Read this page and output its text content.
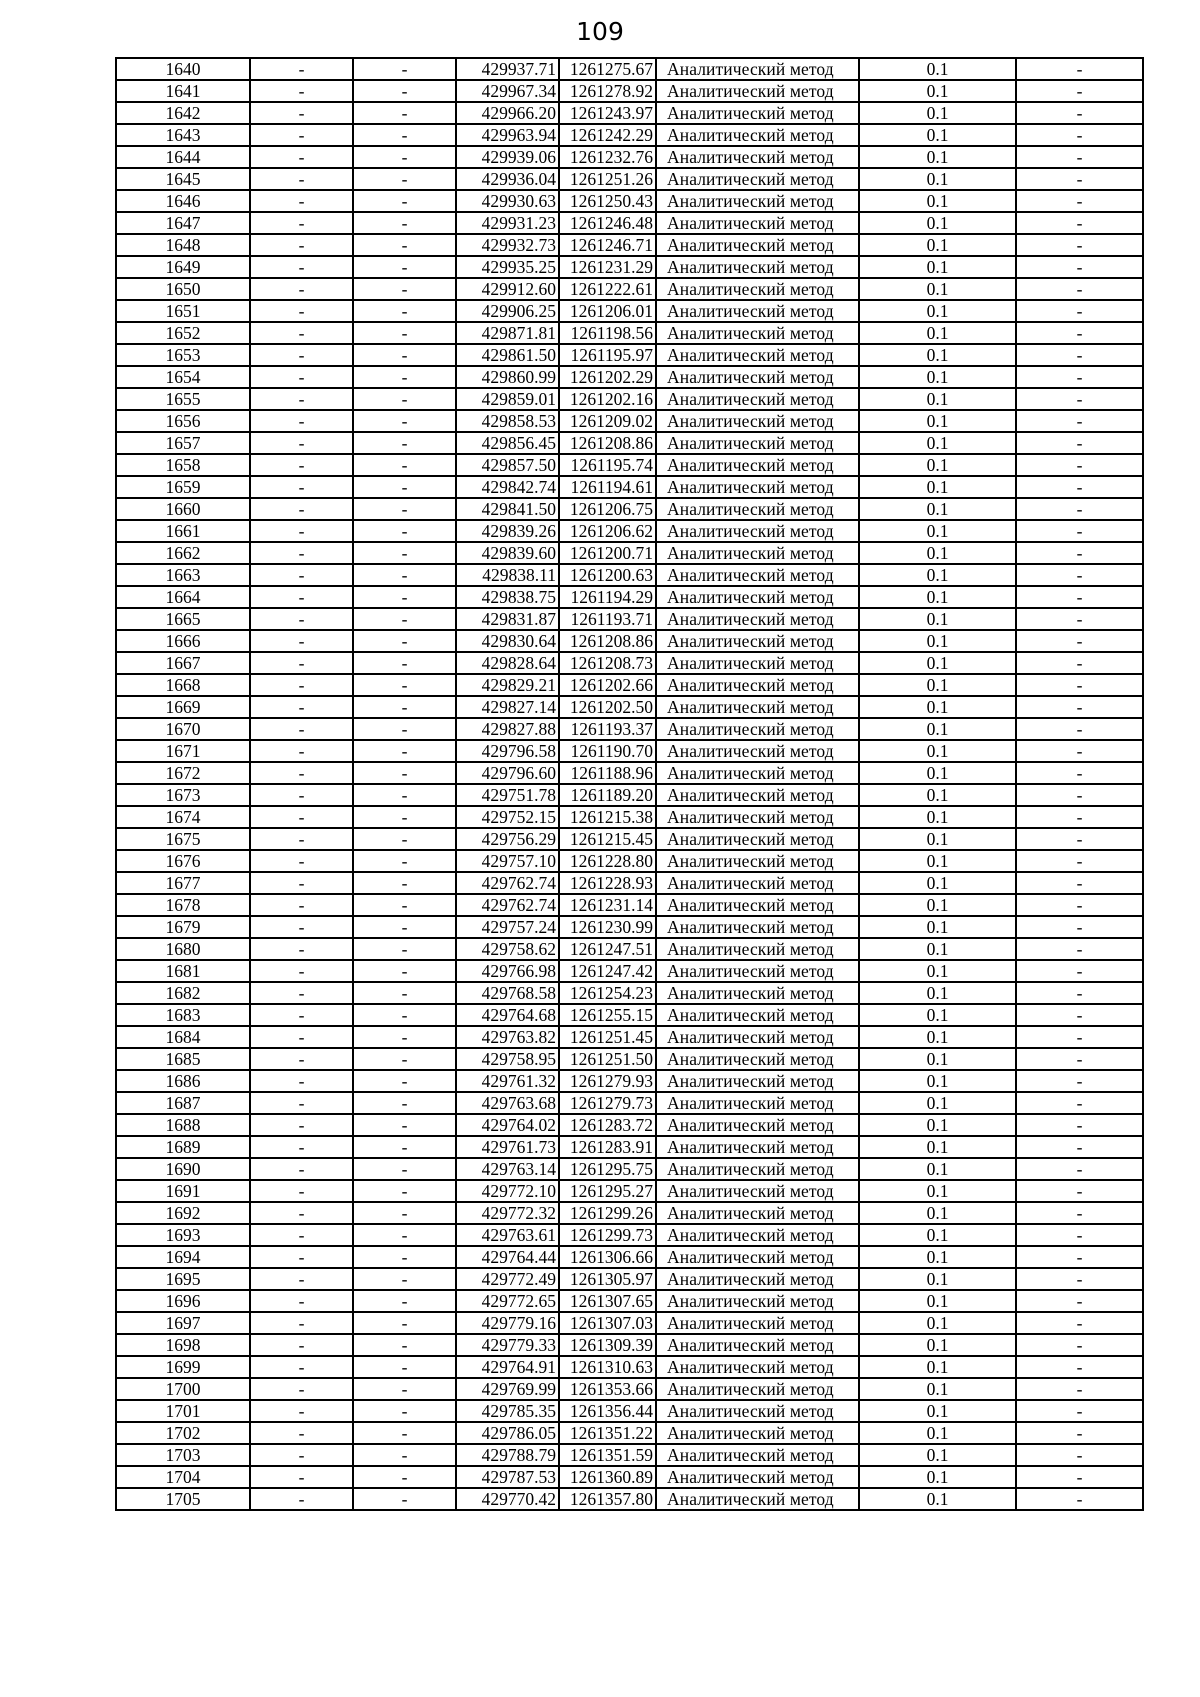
109
1640	-	-	429937.71	1261275.67	Аналитический метод	0.1	-
1641	-	-	429967.34	1261278.92	Аналитический метод	0.1	-
1642	-	-	429966.20	1261243.97	Аналитический метод	0.1	-
1643	-	-	429963.94	1261242.29	Аналитический метод	0.1	-
1644	-	-	429939.06	1261232.76	Аналитический метод	0.1	-
1645	-	-	429936.04	1261251.26	Аналитический метод	0.1	-
1646	-	-	429930.63	1261250.43	Аналитический метод	0.1	-
1647	-	-	429931.23	1261246.48	Аналитический метод	0.1	-
1648	-	-	429932.73	1261246.71	Аналитический метод	0.1	-
1649	-	-	429935.25	1261231.29	Аналитический метод	0.1	-
1650	-	-	429912.60	1261222.61	Аналитический метод	0.1	-
1651	-	-	429906.25	1261206.01	Аналитический метод	0.1	-
1652	-	-	429871.81	1261198.56	Аналитический метод	0.1	-
1653	-	-	429861.50	1261195.97	Аналитический метод	0.1	-
1654	-	-	429860.99	1261202.29	Аналитический метод	0.1	-
1655	-	-	429859.01	1261202.16	Аналитический метод	0.1	-
1656	-	-	429858.53	1261209.02	Аналитический метод	0.1	-
1657	-	-	429856.45	1261208.86	Аналитический метод	0.1	-
1658	-	-	429857.50	1261195.74	Аналитический метод	0.1	-
1659	-	-	429842.74	1261194.61	Аналитический метод	0.1	-
1660	-	-	429841.50	1261206.75	Аналитический метод	0.1	-
1661	-	-	429839.26	1261206.62	Аналитический метод	0.1	-
1662	-	-	429839.60	1261200.71	Аналитический метод	0.1	-
1663	-	-	429838.11	1261200.63	Аналитический метод	0.1	-
1664	-	-	429838.75	1261194.29	Аналитический метод	0.1	-
1665	-	-	429831.87	1261193.71	Аналитический метод	0.1	-
1666	-	-	429830.64	1261208.86	Аналитический метод	0.1	-
1667	-	-	429828.64	1261208.73	Аналитический метод	0.1	-
1668	-	-	429829.21	1261202.66	Аналитический метод	0.1	-
1669	-	-	429827.14	1261202.50	Аналитический метод	0.1	-
1670	-	-	429827.88	1261193.37	Аналитический метод	0.1	-
1671	-	-	429796.58	1261190.70	Аналитический метод	0.1	-
1672	-	-	429796.60	1261188.96	Аналитический метод	0.1	-
1673	-	-	429751.78	1261189.20	Аналитический метод	0.1	-
1674	-	-	429752.15	1261215.38	Аналитический метод	0.1	-
1675	-	-	429756.29	1261215.45	Аналитический метод	0.1	-
1676	-	-	429757.10	1261228.80	Аналитический метод	0.1	-
1677	-	-	429762.74	1261228.93	Аналитический метод	0.1	-
1678	-	-	429762.74	1261231.14	Аналитический метод	0.1	-
1679	-	-	429757.24	1261230.99	Аналитический метод	0.1	-
1680	-	-	429758.62	1261247.51	Аналитический метод	0.1	-
1681	-	-	429766.98	1261247.42	Аналитический метод	0.1	-
1682	-	-	429768.58	1261254.23	Аналитический метод	0.1	-
1683	-	-	429764.68	1261255.15	Аналитический метод	0.1	-
1684	-	-	429763.82	1261251.45	Аналитический метод	0.1	-
1685	-	-	429758.95	1261251.50	Аналитический метод	0.1	-
1686	-	-	429761.32	1261279.93	Аналитический метод	0.1	-
1687	-	-	429763.68	1261279.73	Аналитический метод	0.1	-
1688	-	-	429764.02	1261283.72	Аналитический метод	0.1	-
1689	-	-	429761.73	1261283.91	Аналитический метод	0.1	-
1690	-	-	429763.14	1261295.75	Аналитический метод	0.1	-
1691	-	-	429772.10	1261295.27	Аналитический метод	0.1	-
1692	-	-	429772.32	1261299.26	Аналитический метод	0.1	-
1693	-	-	429763.61	1261299.73	Аналитический метод	0.1	-
1694	-	-	429764.44	1261306.66	Аналитический метод	0.1	-
1695	-	-	429772.49	1261305.97	Аналитический метод	0.1	-
1696	-	-	429772.65	1261307.65	Аналитический метод	0.1	-
1697	-	-	429779.16	1261307.03	Аналитический метод	0.1	-
1698	-	-	429779.33	1261309.39	Аналитический метод	0.1	-
1699	-	-	429764.91	1261310.63	Аналитический метод	0.1	-
1700	-	-	429769.99	1261353.66	Аналитический метод	0.1	-
1701	-	-	429785.35	1261356.44	Аналитический метод	0.1	-
1702	-	-	429786.05	1261351.22	Аналитический метод	0.1	-
1703	-	-	429788.79	1261351.59	Аналитический метод	0.1	-
1704	-	-	429787.53	1261360.89	Аналитический метод	0.1	-
1705	-	-	429770.42	1261357.80	Аналитический метод	0.1	-
